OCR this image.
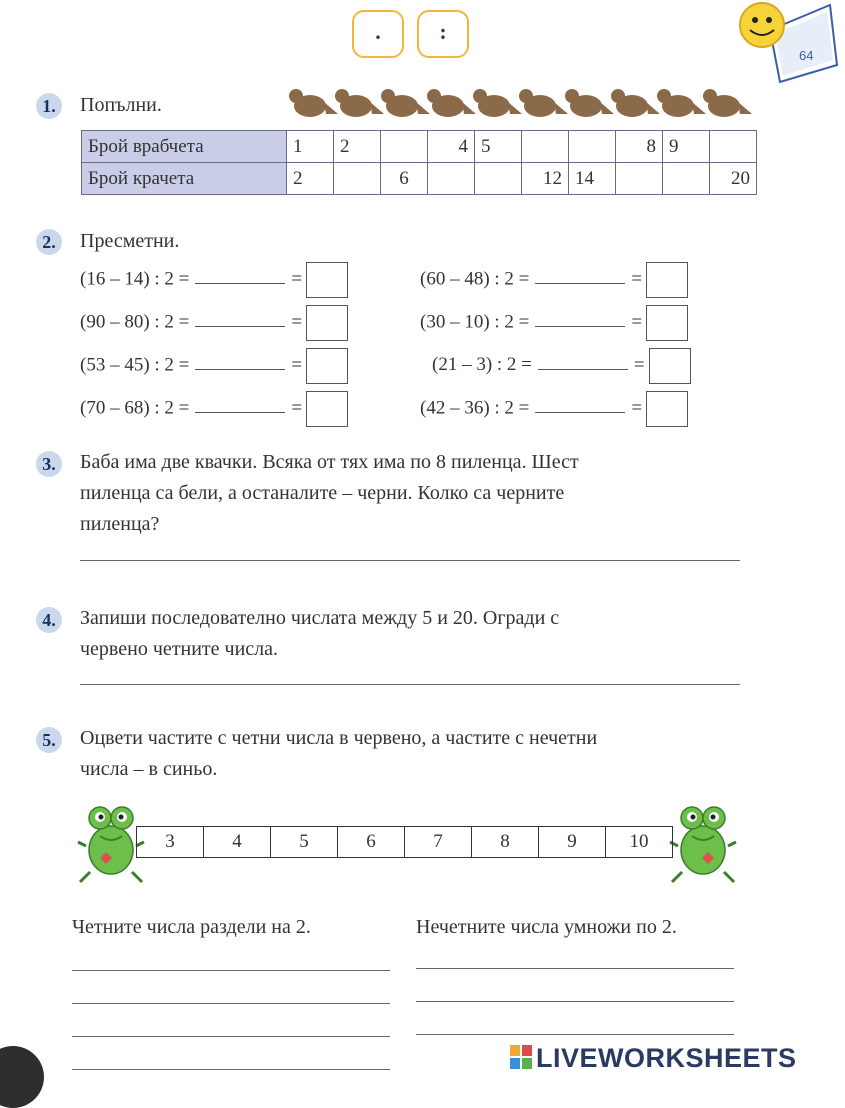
.	:
64
1.	Попълни.
Брой врабчета	1	2		4	5			8	9	
Брой крачета	2		6			12	14			20
2.	Пресметни.
(16 – 14) : 2 =	=
(90 – 80) : 2 =	=
(53 – 45) : 2 =	=
(70 – 68) : 2 =	=
(60 – 48) : 2 =	=
(30 – 10) : 2 =	=
(21 – 3) : 2 =	=
(42 – 36) : 2 =	=
3.	Баба има две квачки. Всяка от тях има по 8 пиленца. Шест
пиленца са бели, а останалите – черни. Колко са черните
пиленца?
4.	Запиши последователно числата между 5 и 20. Огради с
червено четните числа.
5.	Оцвети частите с четни числа в червено, а частите с нечетни
числа – в синьо.
3	4	5	6	7	8	9	10
Четните числа раздели на 2.	Нечетните числа умножи по 2.
LIVEWORKSHEETS
